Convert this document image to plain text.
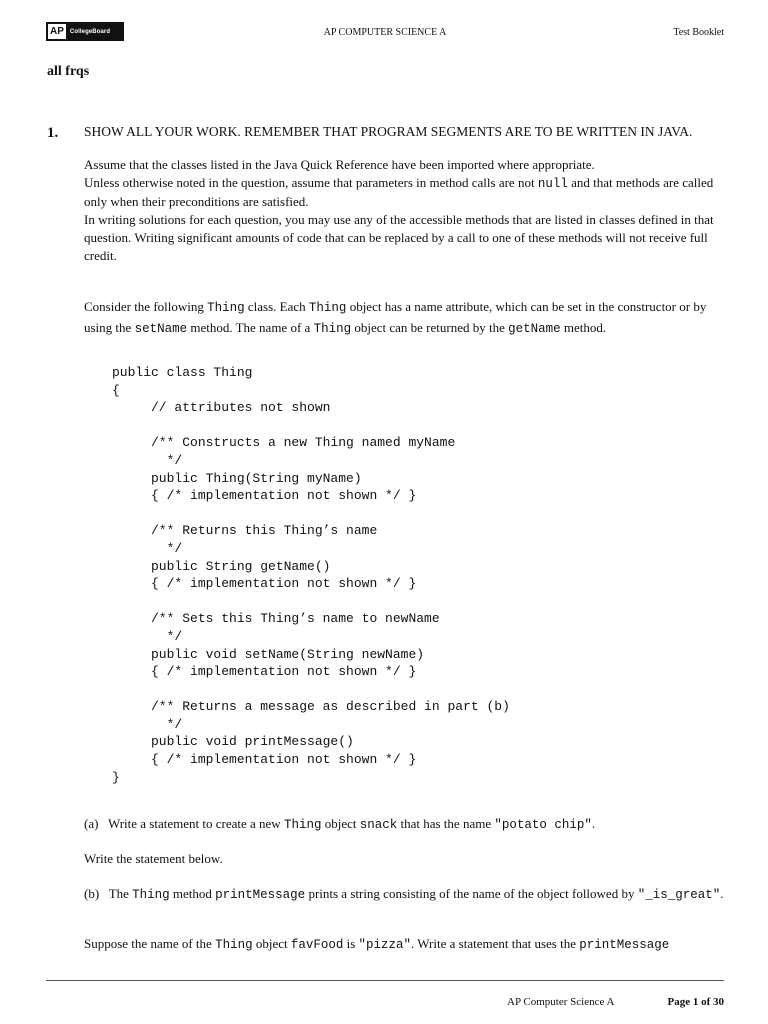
AP	CollegeBoard	AP COMPUTER SCIENCE A	Test Booklet
all frqs
1. SHOW ALL YOUR WORK. REMEMBER THAT PROGRAM SEGMENTS ARE TO BE WRITTEN IN JAVA.

Assume that the classes listed in the Java Quick Reference have been imported where appropriate.

Unless otherwise noted in the question, assume that parameters in method calls are not null and that methods are called only when their preconditions are satisfied.

In writing solutions for each question, you may use any of the accessible methods that are listed in classes defined in that question. Writing significant amounts of code that can be replaced by a call to one of these methods will not receive full credit.

Consider the following Thing class. Each Thing object has a name attribute, which can be set in the constructor or by using the setName method. The name of a Thing object can be returned by the getName method.
public class Thing
{
// attributes not shown

/** Constructs a new Thing named myName
*/
public Thing(String myName)
{ /* implementation not shown */ }

/** Returns this Thing’s name
*/
public String getName()
{ /* implementation not shown */ }

/** Sets this Thing’s name to newName
*/
public void setName(String newName)
{ /* implementation not shown */ }

/** Returns a message as described in part (b)
*/
public void printMessage()
{ /* implementation not shown */ }
}
(a) Write a statement to create a new Thing object snack that has the name "potato chip".
Write the statement below.
(b) The Thing method printMessage prints a string consisting of the name of the object followed by "_is_great".
Suppose the name of the Thing object favFood is "pizza". Write a statement that uses the printMessage
AP Computer Science A	Page 1 of 30
